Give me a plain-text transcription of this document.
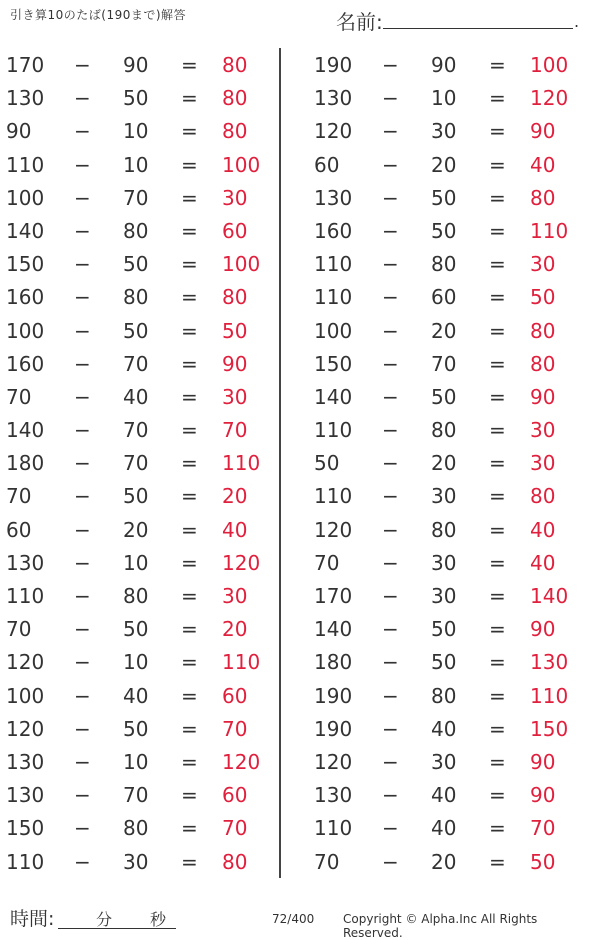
引き算10のたば(190まで)解答	名前:	.
170 − 90 = 80
130 − 50 = 80
90 − 10 = 80
110 − 10 = 100
100 − 70 = 30
140 − 80 = 60
150 − 50 = 100
160 − 80 = 80
100 − 50 = 50
160 − 70 = 90
70 − 40 = 30
140 − 70 = 70
180 − 70 = 110
70 − 50 = 20
60 − 20 = 40
130 − 10 = 120
110 − 80 = 30
70 − 50 = 20
120 − 10 = 110
100 − 40 = 60
120 − 50 = 70
130 − 10 = 120
130 − 70 = 60
150 − 80 = 70
110 − 30 = 80
190 − 90 = 100
130 − 10 = 120
120 − 30 = 90
60 − 20 = 40
130 − 50 = 80
160 − 50 = 110
110 − 80 = 30
110 − 60 = 50
100 − 20 = 80
150 − 70 = 80
140 − 50 = 90
110 − 80 = 30
50 − 20 = 30
110 − 30 = 80
120 − 80 = 40
70 − 30 = 40
170 − 30 = 140
140 − 50 = 90
180 − 50 = 130
190 − 80 = 110
190 − 40 = 150
120 − 30 = 90
130 − 40 = 90
110 − 40 = 70
70 − 20 = 50
時間:	分 秒	72/400 Copyright © Alpha.Inc All Rights Reserved.
